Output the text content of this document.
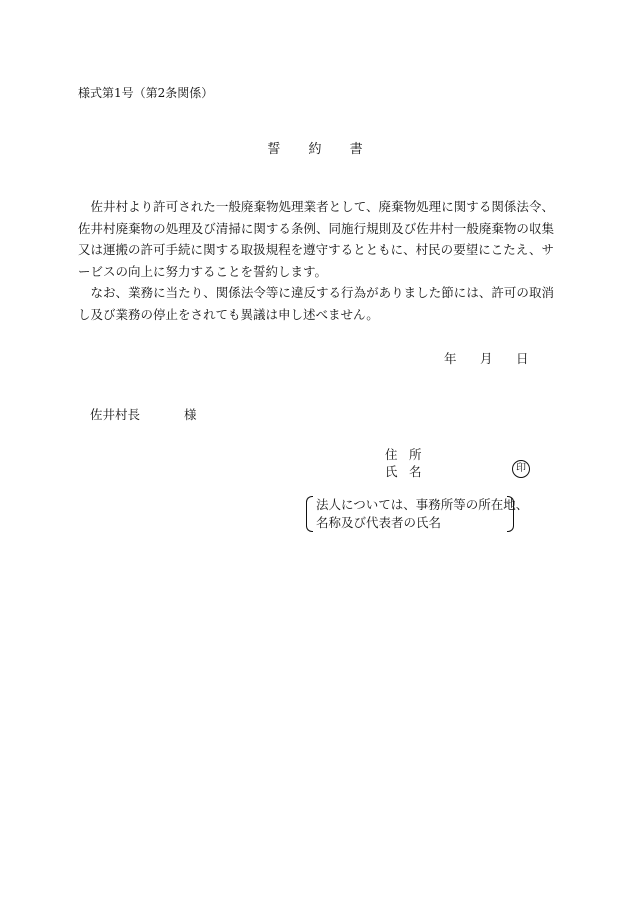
様式第1号（第2条関係）
誓 約 書

佐井村より許可された一般廃棄物処理業者として、廃棄物処理に関する関係法令、佐井村廃棄物の処理及び清掃に関する条例、同施行規則及び佐井村一般廃棄物の収集又は運搬の許可手続に関する取扱規程を遵守するとともに、村民の要望にこたえ、サービスの向上に努力することを誓約します。

なお、業務に当たり、関係法令等に違反する行為がありました節には、許可の取消し及び業務の停止をされても異議は申し述べません。

年 月 日
佐井村長	様
住 所
氏 名	印
法人については、事務所等の所在地、
名称及び代表者の氏名
